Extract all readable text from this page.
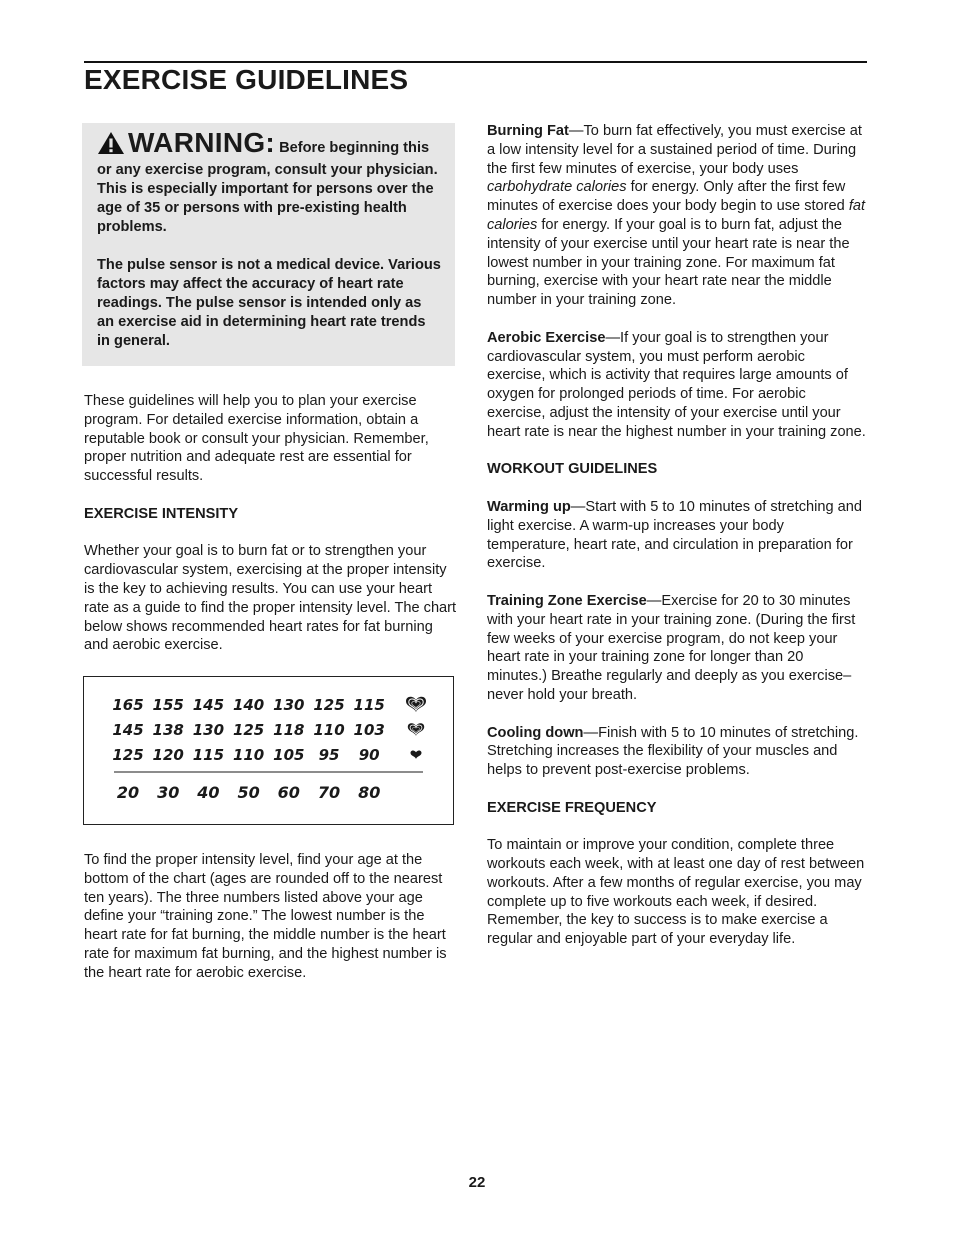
EXERCISE GUIDELINES

WARNING: Before beginning this or any exercise program, consult your physician. This is especially important for persons over the age of 35 or persons with pre-existing health problems.

The pulse sensor is not a medical device. Various factors may affect the accuracy of heart rate readings. The pulse sensor is intended only as an exercise aid in determining heart rate trends in general.

These guidelines will help you to plan your exercise program. For detailed exercise information, obtain a reputable book or consult your physician. Remember, proper nutrition and adequate rest are essential for successful results.

EXERCISE INTENSITY

Whether your goal is to burn fat or to strengthen your cardiovascular system, exercising at the proper intensity is the key to achieving results. You can use your heart rate as a guide to find the proper intensity level. The chart below shows recommended heart rates for fat burning and aerobic exercise.

165 155 145 140 130 125 115
145 138 130 125 118 110 103
125 120 115 110 105 95 90
20 30 40 50 60 70 80

To find the proper intensity level, find your age at the bottom of the chart (ages are rounded off to the nearest ten years). The three numbers listed above your age define your “training zone.” The lowest number is the heart rate for fat burning, the middle number is the heart rate for maximum fat burning, and the highest number is the heart rate for aerobic exercise.

Burning Fat—To burn fat effectively, you must exercise at a low intensity level for a sustained period of time. During the first few minutes of exercise, your body uses carbohydrate calories for energy. Only after the first few minutes of exercise does your body begin to use stored fat calories for energy. If your goal is to burn fat, adjust the intensity of your exercise until your heart rate is near the lowest number in your training zone. For maximum fat burning, exercise with your heart rate near the middle number in your training zone.

Aerobic Exercise—If your goal is to strengthen your cardiovascular system, you must perform aerobic exercise, which is activity that requires large amounts of oxygen for prolonged periods of time. For aerobic exercise, adjust the intensity of your exercise until your heart rate is near the highest number in your training zone.

WORKOUT GUIDELINES

Warming up—Start with 5 to 10 minutes of stretching and light exercise. A warm-up increases your body temperature, heart rate, and circulation in preparation for exercise.

Training Zone Exercise—Exercise for 20 to 30 minutes with your heart rate in your training zone. (During the first few weeks of your exercise program, do not keep your heart rate in your training zone for longer than 20 minutes.) Breathe regularly and deeply as you exercise–never hold your breath.

Cooling down—Finish with 5 to 10 minutes of stretching. Stretching increases the flexibility of your muscles and helps to prevent post-exercise problems.

EXERCISE FREQUENCY

To maintain or improve your condition, complete three workouts each week, with at least one day of rest between workouts. After a few months of regular exercise, you may complete up to five workouts each week, if desired. Remember, the key to success is to make exercise a regular and enjoyable part of your everyday life.

22
